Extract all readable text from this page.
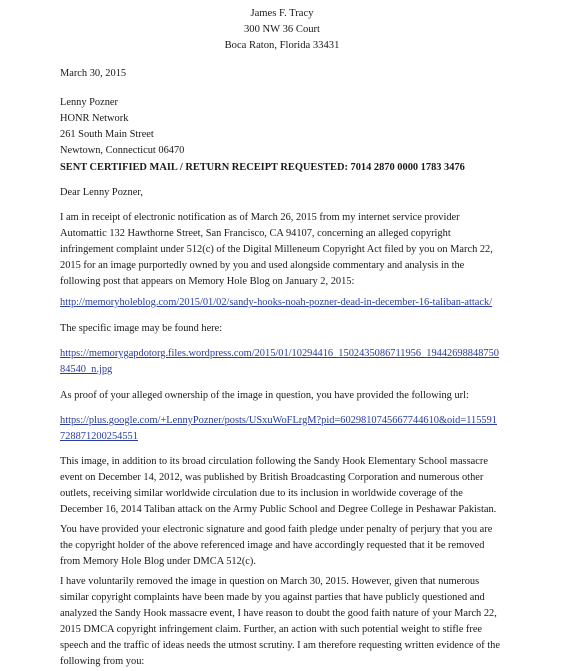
James F. Tracy
300 NW 36 Court
Boca Raton, Florida 33431
March 30, 2015
Lenny Pozner
HONR Network
261 South Main Street
Newtown, Connecticut 06470
SENT CERTIFIED MAIL / RETURN RECEIPT REQUESTED: 7014 2870 0000 1783 3476
Dear Lenny Pozner,
I am in receipt of electronic notification as of March 26, 2015 from my internet service provider
Automattic 132 Hawthorne Street, San Francisco, CA 94107, concerning an alleged copyright
infringement complaint under 512(c) of the Digital Milleneum Copyright Act filed by you on March 22,
2015 for an image purportedly owned by you and used alongside commentary and analysis in the
following post that appears on Memory Hole Blog on January 2, 2015:
http://memoryholeblog.com/2015/01/02/sandy-hooks-noah-pozner-dead-in-december-16-taliban-attack/
The specific image may be found here:
https://memorygapdotorg.files.wordpress.com/2015/01/10294416_1502435086711956_19442698848750
84540_n.jpg
As proof of your alleged ownership of the image in question, you have provided the following url:
https://plus.google.com/+LennyPozner/posts/USxuWoFLrgM?pid=6029810745667744610&oid=115591
728871200254551
This image, in addition to its broad circulation following the Sandy Hook Elementary School massacre
event on December 14, 2012, was published by British Broadcasting Corporation and numerous other
outlets, receiving similar worldwide circulation due to its inclusion in worldwide coverage of the
December 16, 2014 Taliban attack on the Army Public School and Degree College in Peshawar Pakistan.
You have provided your electronic signature and good faith pledge under penalty of perjury that you are
the copyright holder of the above referenced image and have accordingly requested that it be removed
from Memory Hole Blog under DMCA 512(c).
I have voluntarily removed the image in question on March 30, 2015. However, given that numerous
similar copyright complaints have been made by you against parties that have publicly questioned and
analyzed the Sandy Hook massacre event, I have reason to doubt the good faith nature of your March 22,
2015 DMCA copyright infringement claim. Further, an action with such potential weight to stifle free
speech and the traffic of ideas needs the utmost scrutiny. I am therefore requesting written evidence of the
following from you:
